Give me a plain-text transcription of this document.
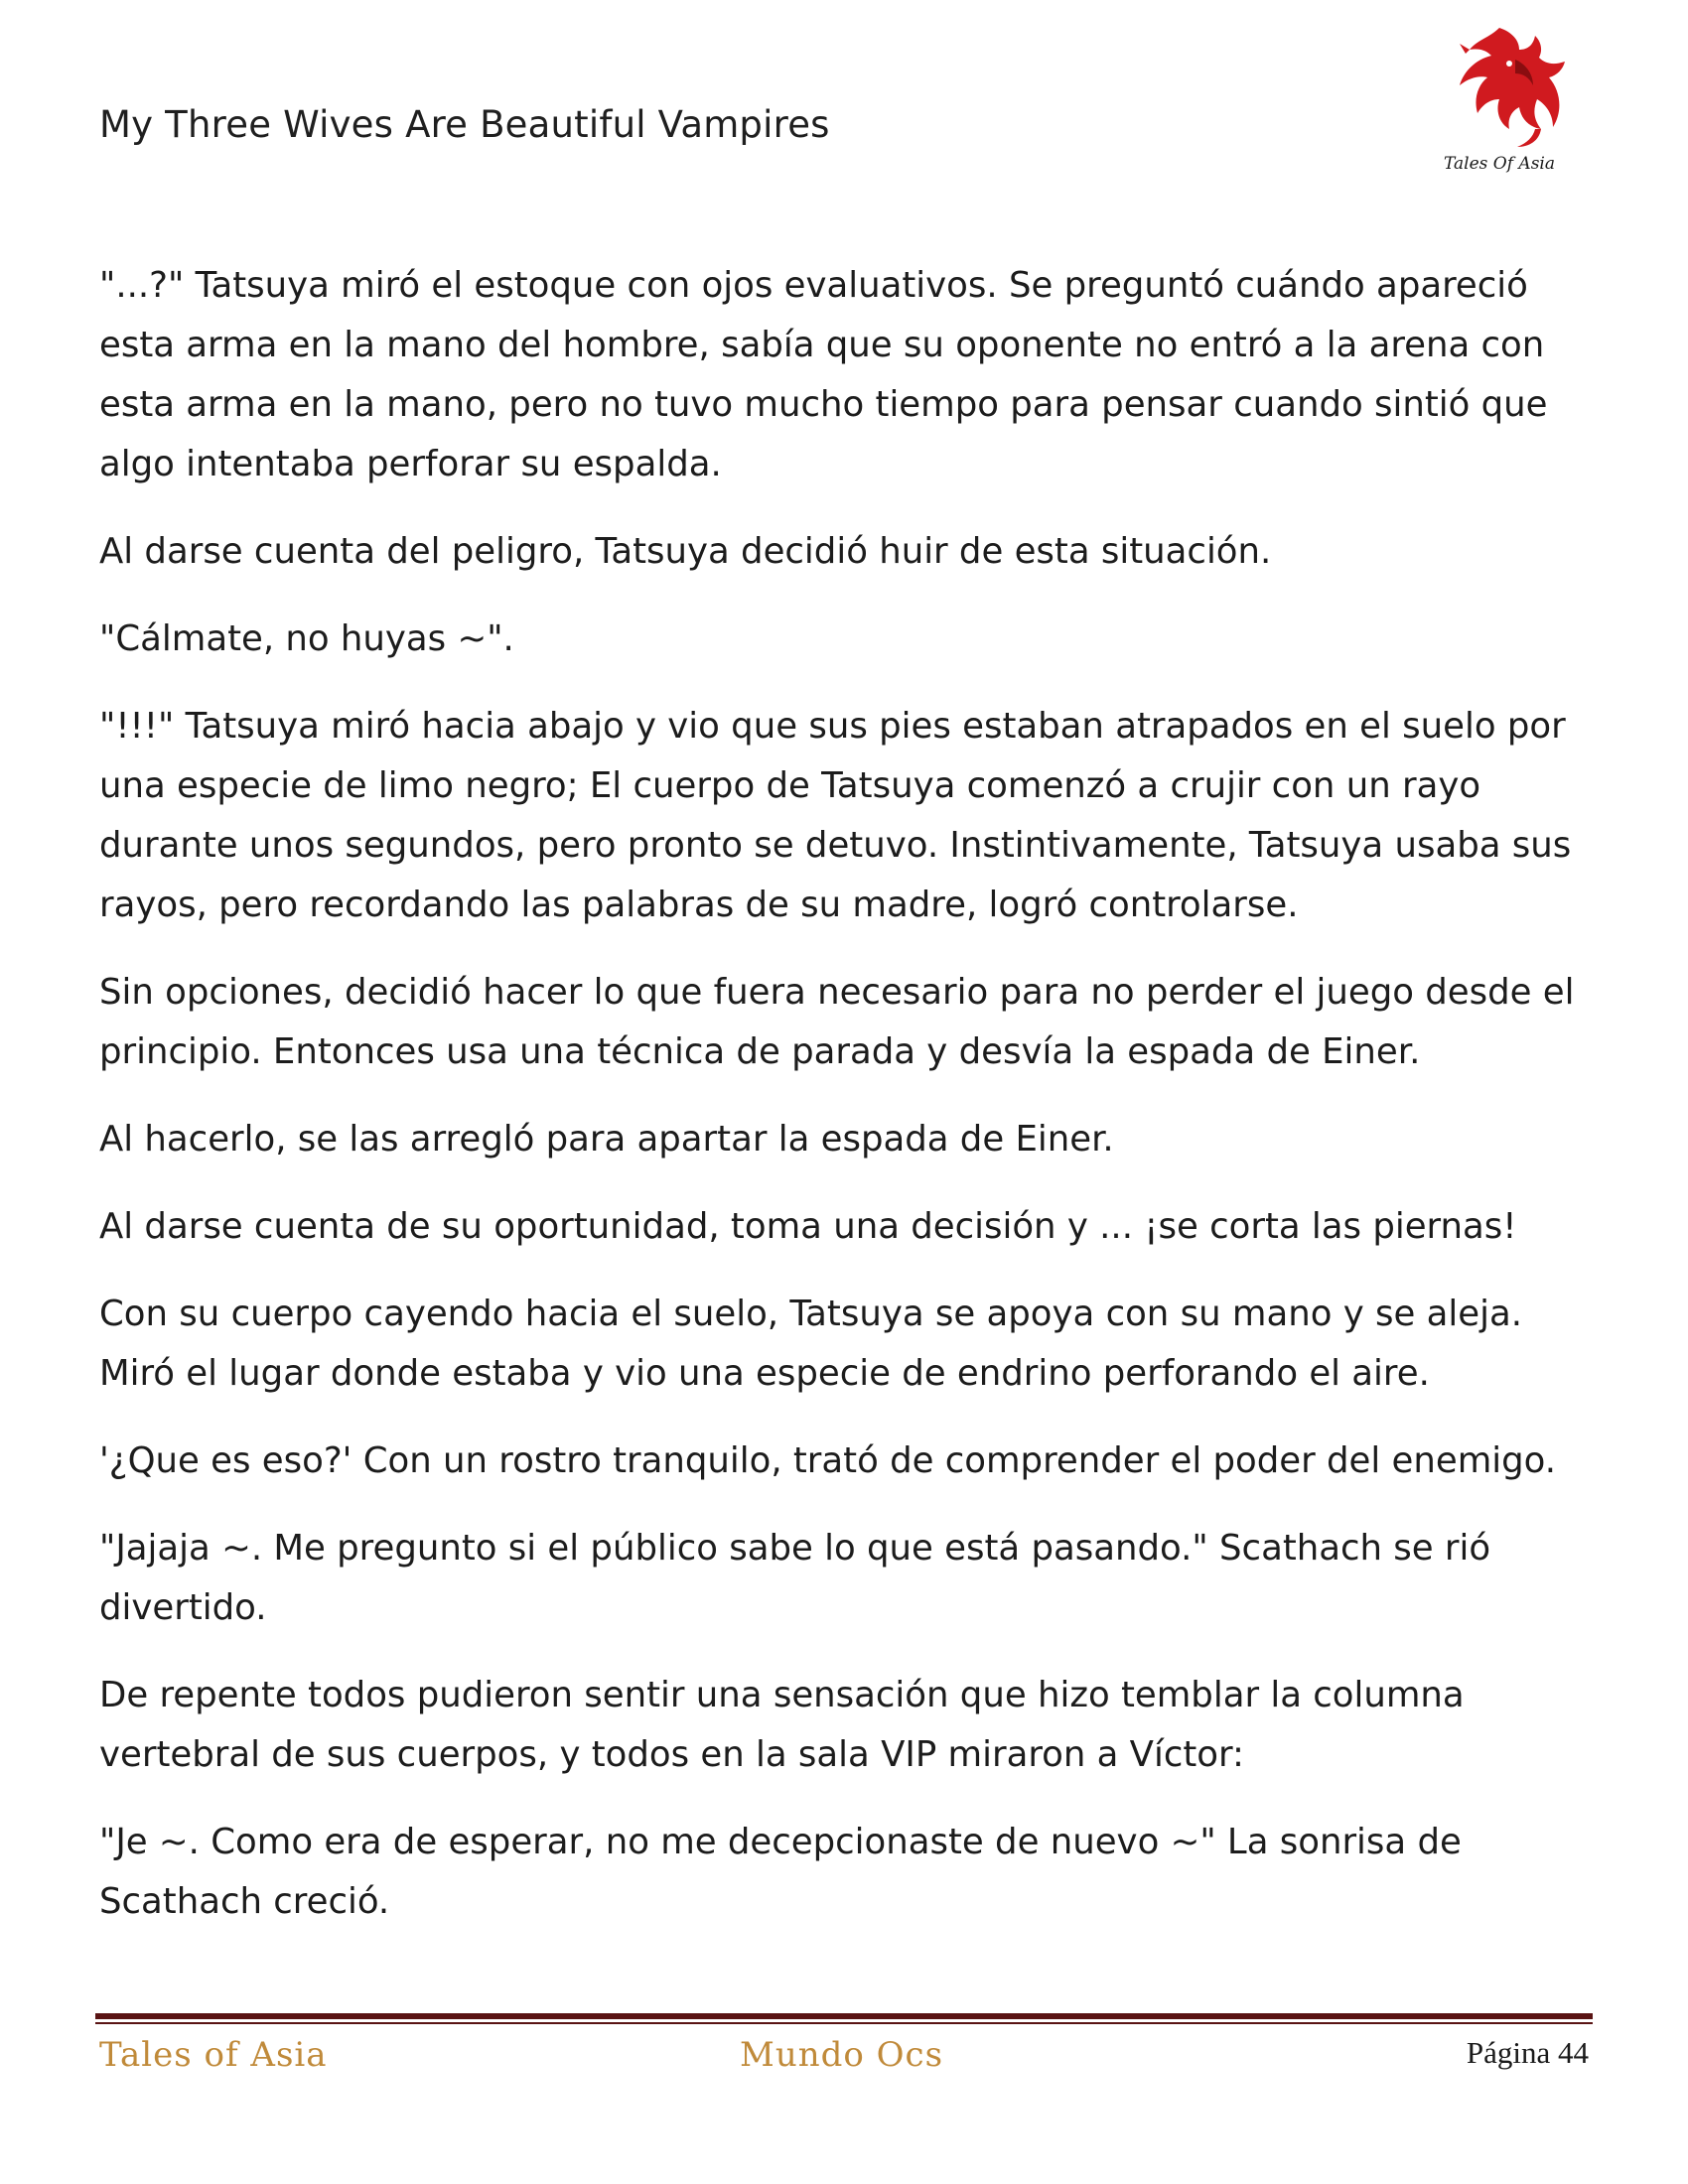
My Three Wives Are Beautiful Vampires
Tales Of Asia

"...?" Tatsuya miró el estoque con ojos evaluativos. Se preguntó cuándo apareció esta arma en la mano del hombre, sabía que su oponente no entró a la arena con esta arma en la mano, pero no tuvo mucho tiempo para pensar cuando sintió que algo intentaba perforar su espalda.

Al darse cuenta del peligro, Tatsuya decidió huir de esta situación.

"Cálmate, no huyas ~".

"!!!" Tatsuya miró hacia abajo y vio que sus pies estaban atrapados en el suelo por una especie de limo negro; El cuerpo de Tatsuya comenzó a crujir con un rayo durante unos segundos, pero pronto se detuvo. Instintivamente, Tatsuya usaba sus rayos, pero recordando las palabras de su madre, logró controlarse.

Sin opciones, decidió hacer lo que fuera necesario para no perder el juego desde el principio. Entonces usa una técnica de parada y desvía la espada de Einer.

Al hacerlo, se las arregló para apartar la espada de Einer.

Al darse cuenta de su oportunidad, toma una decisión y ... ¡se corta las piernas!

Con su cuerpo cayendo hacia el suelo, Tatsuya se apoya con su mano y se aleja. Miró el lugar donde estaba y vio una especie de endrino perforando el aire.

'¿Que es eso?' Con un rostro tranquilo, trató de comprender el poder del enemigo.

"Jajaja ~. Me pregunto si el público sabe lo que está pasando." Scathach se rió divertido.

De repente todos pudieron sentir una sensación que hizo temblar la columna vertebral de sus cuerpos, y todos en la sala VIP miraron a Víctor:

"Je ~. Como era de esperar, no me decepcionaste de nuevo ~" La sonrisa de Scathach creció.

Tales of Asia	Mundo Ocs	Página 44
